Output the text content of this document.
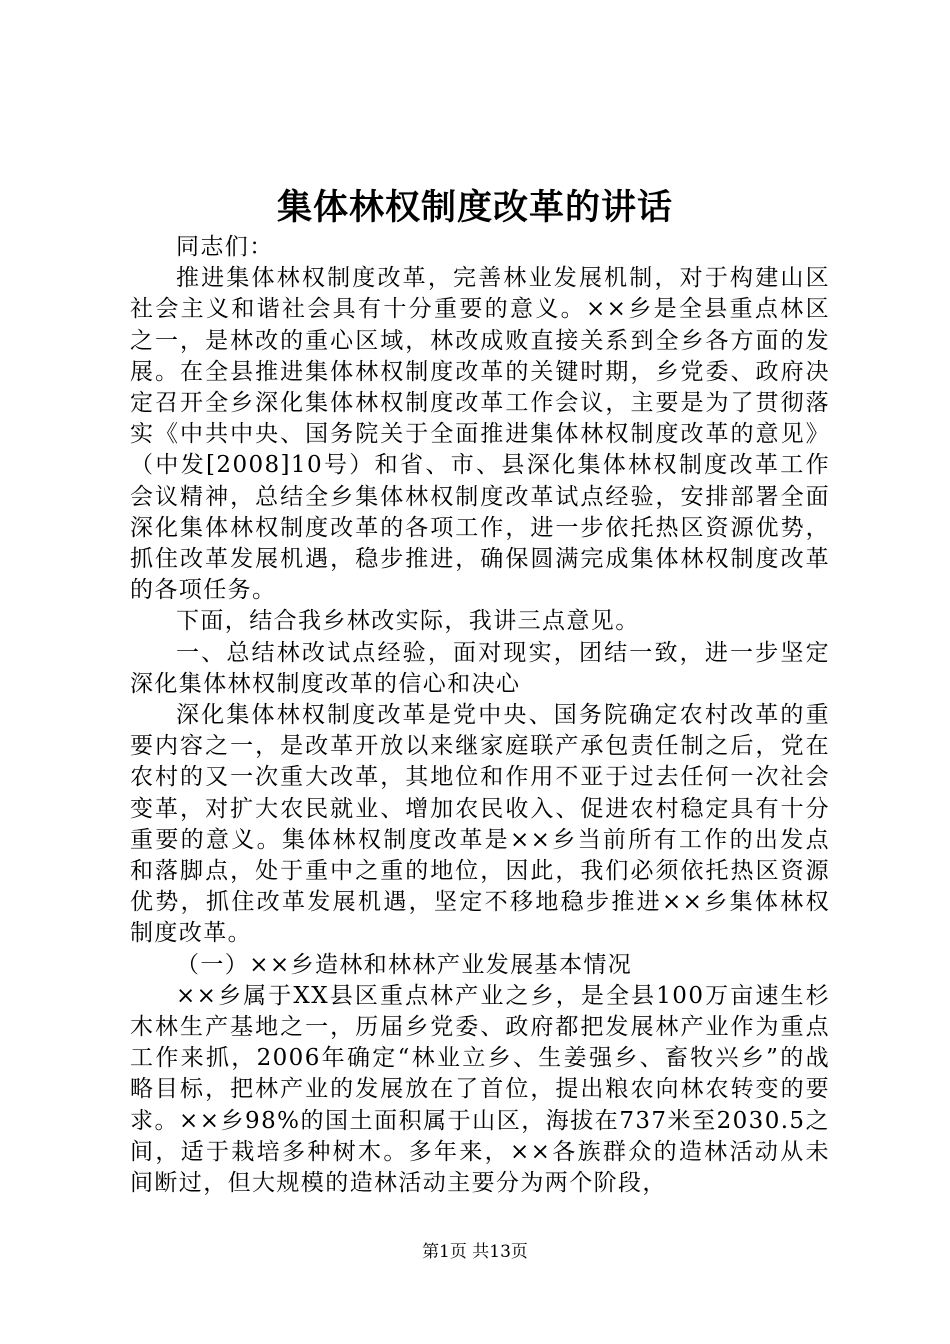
集体林权制度改革的讲话

同志们：

推进集体林权制度改革，完善林业发展机制，对于构建山区社会主义和谐社会具有十分重要的意义。××乡是全县重点林区之一，是林改的重心区域，林改成败直接关系到全乡各方面的发展。在全县推进集体林权制度改革的关键时期，乡党委、政府决定召开全乡深化集体林权制度改革工作会议，主要是为了贯彻落实《中共中央、国务院关于全面推进集体林权制度改革的意见》（中发[2008]10号）和省、市、县深化集体林权制度改革工作会议精神，总结全乡集体林权制度改革试点经验，安排部署全面深化集体林权制度改革的各项工作，进一步依托热区资源优势，抓住改革发展机遇，稳步推进，确保圆满完成集体林权制度改革的各项任务。

下面，结合我乡林改实际，我讲三点意见。

一、总结林改试点经验，面对现实，团结一致，进一步坚定深化集体林权制度改革的信心和决心

深化集体林权制度改革是党中央、国务院确定农村改革的重要内容之一，是改革开放以来继家庭联产承包责任制之后，党在农村的又一次重大改革，其地位和作用不亚于过去任何一次社会变革，对扩大农民就业、增加农民收入、促进农村稳定具有十分重要的意义。集体林权制度改革是××乡当前所有工作的出发点和落脚点，处于重中之重的地位，因此，我们必须依托热区资源优势，抓住改革发展机遇，坚定不移地稳步推进××乡集体林权制度改革。

（一）××乡造林和林林产业发展基本情况

××乡属于XX县区重点林产业之乡，是全县100万亩速生杉木林生产基地之一，历届乡党委、政府都把发展林产业作为重点工作来抓，2006年确定“林业立乡、生姜强乡、畜牧兴乡”的战略目标，把林产业的发展放在了首位，提出粮农向林农转变的要求。××乡98%的国土面积属于山区，海拔在737米至2030.5之间，适于栽培多种树木。多年来，××各族群众的造林活动从未间断过，但大规模的造林活动主要分为两个阶段，

第1页 共13页
